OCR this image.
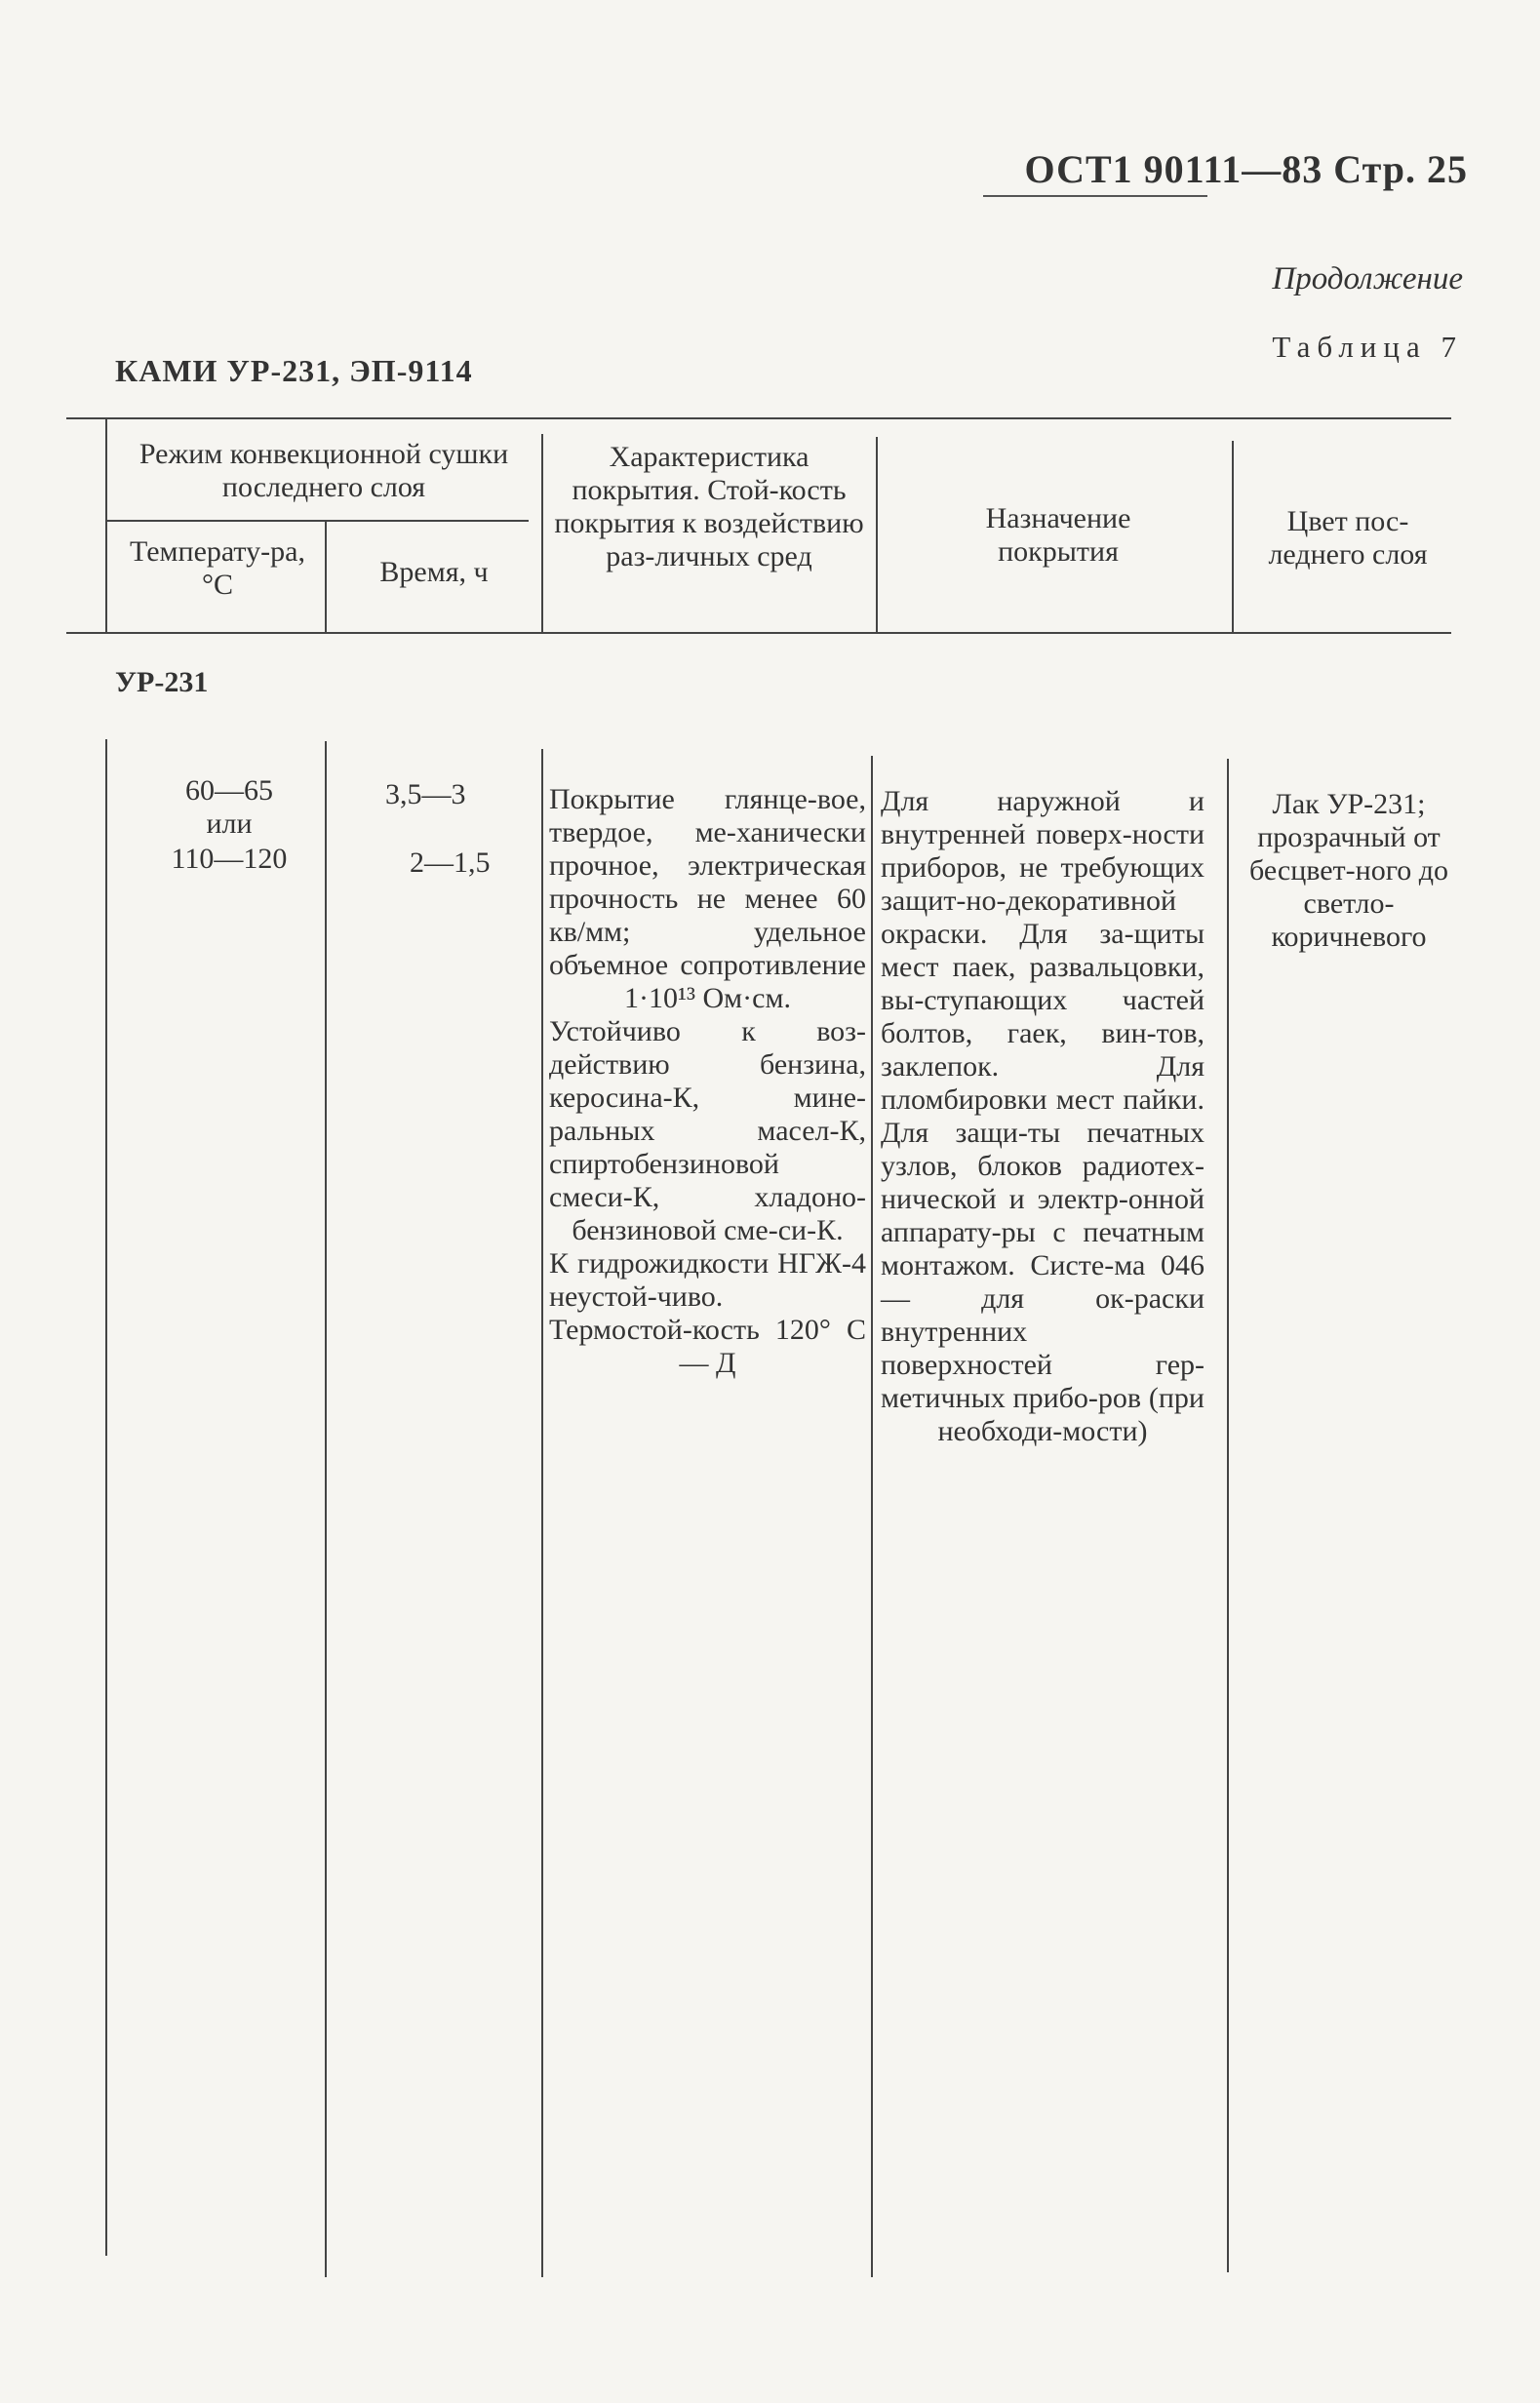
ОСТ1 90111—83 Стр. 25
Продолжение
Таблица 7
КАМИ УР-231, ЭП-9114
Режим конвекционной сушки последнего слоя
Температу-ра, °С	Время, ч
Характеристика покрытия. Стой-кость покрытия к воздействию раз-личных сред
Назначение покрытия
Цвет пос-леднего слоя
УР-231
60—65
или
110—120
3,5—3
2—1,5

Покрытие глянце-вое, твердое, ме-ханически прочное, электрическая прочность не менее 60 кв/мм; удельное объемное сопротивление 1·10¹³ Ом·см.

Устойчиво к воз-действию бензина, керосина-К, мине-ральных масел-К, спиртобензиновой смеси-К, хладоно-бензиновой сме-си-К.

К гидрожидкости НГЖ-4 неустой-чиво. Термостой-кость 120° С — Д

Для наружной и внутренней поверх-ности приборов, не требующих защит-но-декоративной окраски. Для за-щиты мест паек, развальцовки, вы-ступающих частей болтов, гаек, вин-тов, заклепок. Для пломбировки мест пайки. Для защи-ты печатных узлов, блоков радиотех-нической и электр-онной аппарату-ры с печатным монтажом. Систе-ма 046 — для ок-раски внутренних поверхностей гер-метичных прибо-ров (при необходи-мости)
Лак УР-231; прозрачный от бесцвет-ного до светло-коричневого
